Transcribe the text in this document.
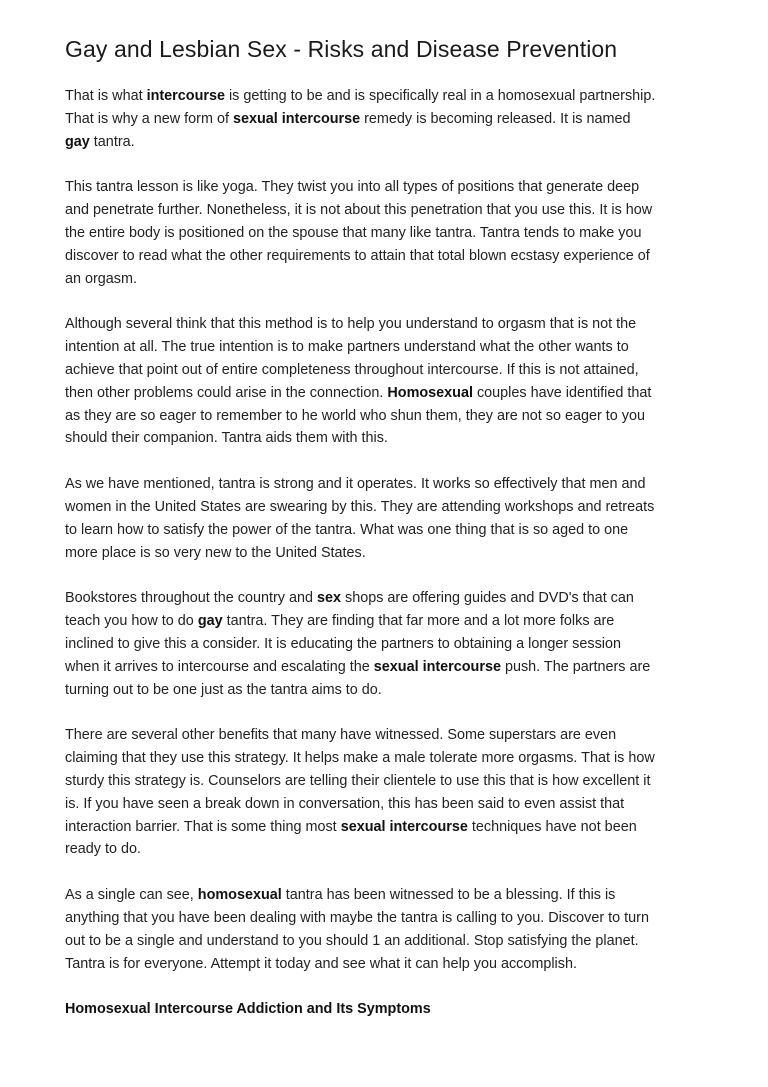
Gay and Lesbian Sex - Risks and Disease Prevention

That is what intercourse is getting to be and is specifically real in a homosexual partnership.
That is why a new form of sexual intercourse remedy is becoming released. It is named
gay tantra.

This tantra lesson is like yoga. They twist you into all types of positions that generate deep
and penetrate further. Nonetheless, it is not about this penetration that you use this. It is how
the entire body is positioned on the spouse that many like tantra. Tantra tends to make you
discover to read what the other requirements to attain that total blown ecstasy experience of
an orgasm.

Although several think that this method is to help you understand to orgasm that is not the
intention at all. The true intention is to make partners understand what the other wants to
achieve that point out of entire completeness throughout intercourse. If this is not attained,
then other problems could arise in the connection. Homosexual couples have identified that
as they are so eager to remember to he world who shun them, they are not so eager to you
should their companion. Tantra aids them with this.

As we have mentioned, tantra is strong and it operates. It works so effectively that men and
women in the United States are swearing by this. They are attending workshops and retreats
to learn how to satisfy the power of the tantra. What was one thing that is so aged to one
more place is so very new to the United States.

Bookstores throughout the country and sex shops are offering guides and DVD's that can
teach you how to do gay tantra. They are finding that far more and a lot more folks are
inclined to give this a consider. It is educating the partners to obtaining a longer session
when it arrives to intercourse and escalating the sexual intercourse push. The partners are
turning out to be one just as the tantra aims to do.

There are several other benefits that many have witnessed. Some superstars are even
claiming that they use this strategy. It helps make a male tolerate more orgasms. That is how
sturdy this strategy is. Counselors are telling their clientele to use this that is how excellent it
is. If you have seen a break down in conversation, this has been said to even assist that
interaction barrier. That is some thing most sexual intercourse techniques have not been
ready to do.

As a single can see, homosexual tantra has been witnessed to be a blessing. If this is
anything that you have been dealing with maybe the tantra is calling to you. Discover to turn
out to be a single and understand to you should 1 an additional. Stop satisfying the planet.
Tantra is for everyone. Attempt it today and see what it can help you accomplish.

Homosexual Intercourse Addiction and Its Symptoms
